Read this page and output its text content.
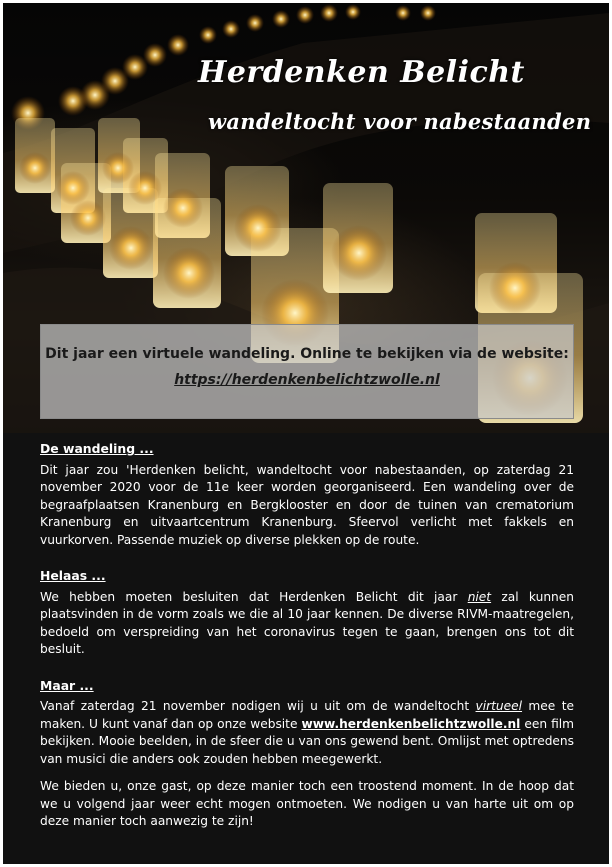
Herdenken Belicht
wandeltocht voor nabestaanden

Dit jaar een virtuele wandeling. Online te bekijken via de website:

https://herdenkenbelichtzwolle.nl
De wandeling ...

Dit jaar zou 'Herdenken belicht, wandeltocht voor nabestaanden, op zaterdag 21 november 2020 voor de 11e keer worden georganiseerd. Een wandeling over de begraafplaatsen Kranenburg en Bergklooster en door de tuinen van crematorium Kranenburg en uitvaartcentrum Kranenburg. Sfeervol verlicht met fakkels en vuurkorven. Passende muziek op diverse plekken op de route.

Helaas ...

We hebben moeten besluiten dat Herdenken Belicht dit jaar niet zal kunnen plaatsvinden in de vorm zoals we die al 10 jaar kennen. De diverse RIVM-maatregelen, bedoeld om verspreiding van het coronavirus tegen te gaan, brengen ons tot dit besluit.

Maar ...

Vanaf zaterdag 21 november nodigen wij u uit om de wandeltocht virtueel mee te maken. U kunt vanaf dan op onze website www.herdenkenbelichtzwolle.nl een film bekijken. Mooie beelden, in de sfeer die u van ons gewend bent. Omlijst met optredens van musici die anders ook zouden hebben meegewerkt.

We bieden u, onze gast, op deze manier toch een troostend moment. In de hoop dat we u volgend jaar weer echt mogen ontmoeten. We nodigen u van harte uit om op deze manier toch aanwezig te zijn!
